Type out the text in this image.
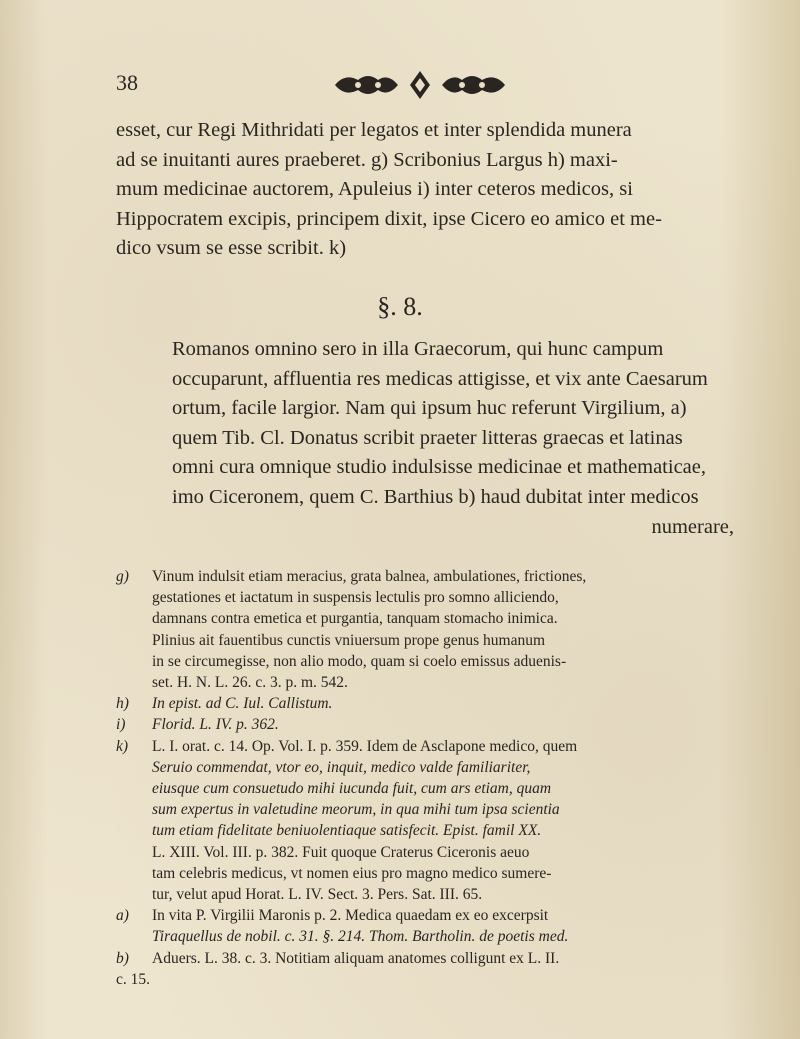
38
esset, cur Regi Mithridati per legatos et inter splendida munera
ad se inuitanti aures praeberet. g) Scribonius Largus h) maxi-
mum medicinae auctorem, Apuleius i) inter ceteros medicos, si
Hippocratem excipis, principem dixit, ipse Cicero eo amico et me-
dico vsum se esse scribit. k)
§. 8.
Romanos omnino sero in illa Graecorum, qui hunc campum
occuparunt, affluentia res medicas attigisse, et vix ante Caesarum
ortum, facile largior. Nam qui ipsum huc referunt Virgilium, a)
quem Tib. Cl. Donatus scribit praeter litteras graecas et latinas
omni cura omnique studio indulsisse medicinae et mathematicae,
imo Ciceronem, quem C. Barthius b) haud dubitat inter medicos
numerare,
g) Vinum indulsit etiam meracius, grata balnea, ambulationes, frictiones,
gestationes et iactatum in suspensis lectulis pro somno alliciendo,
damnans contra emetica et purgantia, tanquam stomacho inimica.
Plinius ait fauentibus cunctis vniuersum prope genus humanum
in se circumegisse, non alio modo, quam si coelo emissus aduenis-
set. H. N. L. 26. c. 3. p. m. 542.
h) In epist. ad C. Iul. Callistum.
i) Florid. L. IV. p. 362.
k) L. I. orat. c. 14. Op. Vol. I. p. 359. Idem de Asclapone medico, quem
Seruio commendat, vtor eo, inquit, medico valde familiariter,
eiusque cum consuetudo mihi iucunda fuit, cum ars etiam, quam
sum expertus in valetudine meorum, in qua mihi tum ipsa scientia
tum etiam fidelitate beniuolentiaque satisfecit. Epist. famil XX.
L. XIII. Vol. III. p. 382. Fuit quoque Craterus Ciceronis aeuo
tam celebris medicus, vt nomen eius pro magno medico sumere-
tur, velut apud Horat. L. IV. Sect. 3. Pers. Sat. III. 65.
a) In vita P. Virgilii Maronis p. 2. Medica quaedam ex eo excerpsit
Tiraquellus de nobil. c. 31. §. 214. Thom. Bartholin. de poetis med.
b) Aduers. L. 38. c. 3. Notitiam aliquam anatomes colligunt ex L. II.
c. 15.
